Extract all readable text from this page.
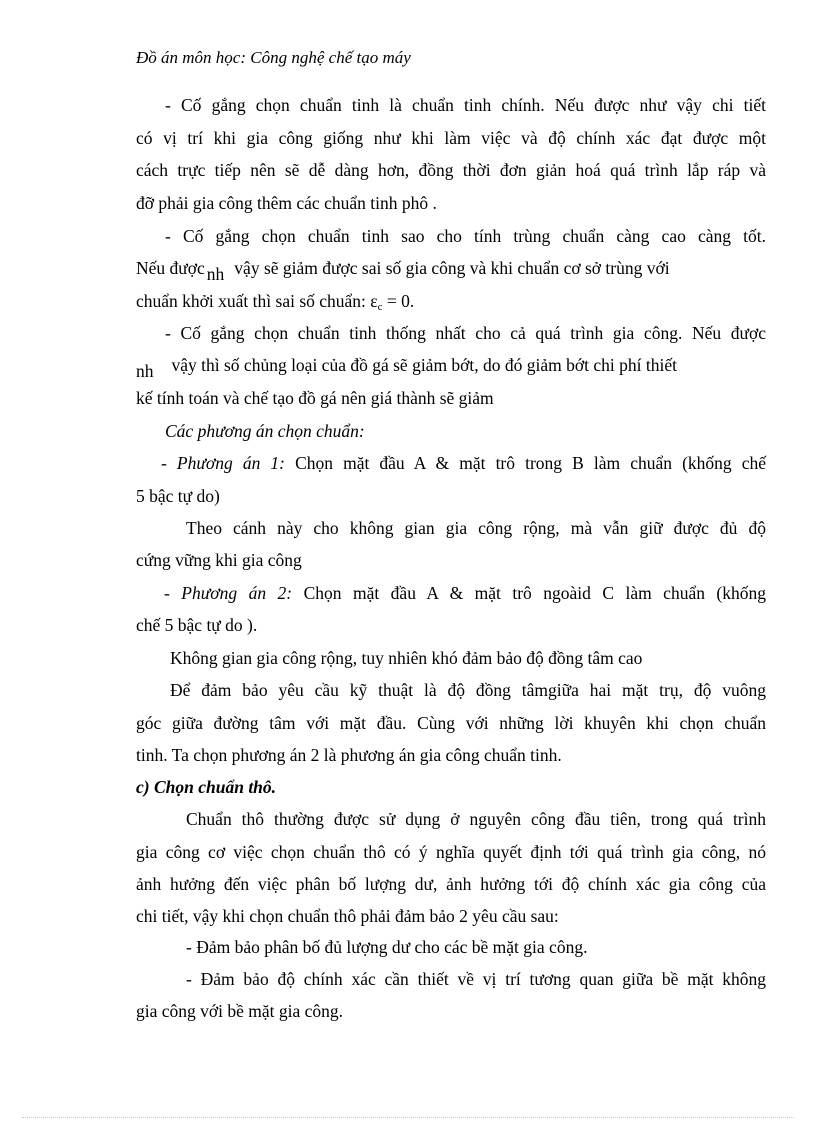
Đồ án môn học: Công nghệ chế tạo máy
- Cố gắng chọn chuẩn tinh là chuẩn tinh chính. Nếu được như vậy chi tiết
có vị trí khi gia công giống như khi làm việc và độ chính xác đạt được một
cách trực tiếp nên sẽ dễ dàng hơn, đồng thời đơn giản hoá quá trình lắp ráp và
đỡ phải gia công thêm các chuẩn tinh phô .
- Cố gắng chọn chuẩn tinh sao cho tính trùng chuẩn càng cao càng tốt.
Nếu được nh vậy sẽ giảm được sai số gia công và khi chuẩn cơ sở trùng với
chuẩn khởi xuất thì sai số chuẩn: $\varepsilon_c = 0$.
- Cố gắng chọn chuẩn tinh thống nhất cho cả quá trình gia công. Nếu được
nh vậy thì số chủng loại của đồ gá sẽ giảm bớt, do đó giảm bớt chi phí thiết
kế tính toán và chế tạo đồ gá nên giá thành sẽ giảm
Các phương án chọn chuẩn:
- Phương án 1: Chọn mặt đầu A & mặt trô trong B làm chuẩn (khống chế
5 bậc tự do)
Theo cánh này cho không gian gia công rộng, mà vẫn giữ được đủ độ
cứng vững khi gia công
- Phương án 2: Chọn mặt đầu A & mặt trô ngoàid C làm chuẩn (khống
chế 5 bậc tự do ).
Không gian gia công rộng, tuy nhiên khó đảm bảo độ đồng tâm cao
Để đảm bảo yêu cầu kỹ thuật là độ đồng tâmgiữa hai mặt trụ, độ vuông
góc giữa đường tâm với mặt đầu. Cùng với những lời khuyên khi chọn chuẩn
tinh. Ta chọn phương án 2 là phương án gia công chuẩn tinh.
c) Chọn chuẩn thô.
Chuẩn thô thường được sử dụng ở nguyên công đầu tiên, trong quá trình
gia công cơ việc chọn chuẩn thô có ý nghĩa quyết định tới quá trình gia công, nó
ảnh hưởng đến việc phân bố lượng dư, ảnh hưởng tới độ chính xác gia công của
chi tiết, vậy khi chọn chuẩn thô phải đảm bảo 2 yêu cầu sau:
- Đảm bảo phân bố đủ lượng dư cho các bề mặt gia công.
- Đảm bảo độ chính xác cần thiết về vị trí tương quan giữa bề mặt không
gia công với bề mặt gia công.
